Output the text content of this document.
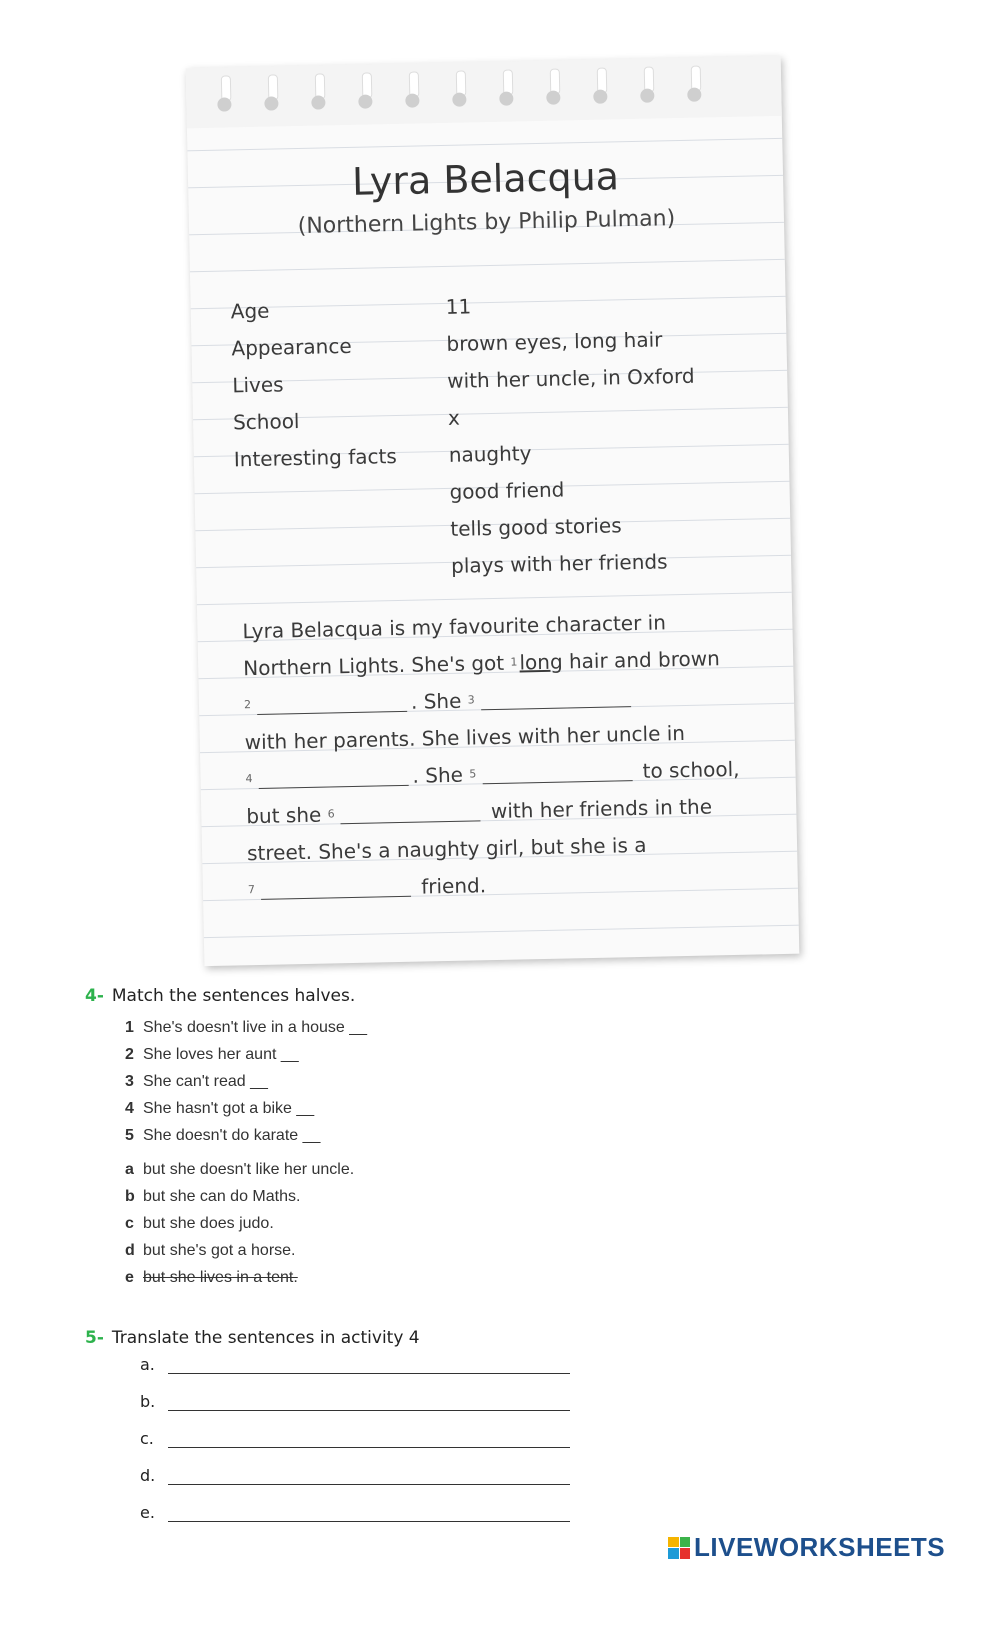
Lyra Belacqua
(Northern Lights by Philip Pulman)
Age	11
Appearance	brown eyes, long hair
Lives	with her uncle, in Oxford
School	x
Interesting facts	naughty
good friend
tells good stories
plays with her friends
Lyra Belacqua is my favourite character in
Northern Lights. She's got
1 long
hair and brown
2	. She
3
with her parents. She lives with her uncle in
4	. She
5
	to school,
but she
6
	with her friends in the
street. She's a naughty girl, but she is a
7
	friend.
4- Match the sentences halves.
1 She's doesn't live in a house __
2 She loves her aunt __
3 She can't read __
4 She hasn't got a bike __
5 She doesn't do karate __
a but she doesn't like her uncle.
b but she can do Maths.
c but she does judo.
d but she's got a horse.
e but she lives in a tent.
5- Translate the sentences in activity 4
a.
b.
c.
d.
e.
LIVEWORKSHEETS
